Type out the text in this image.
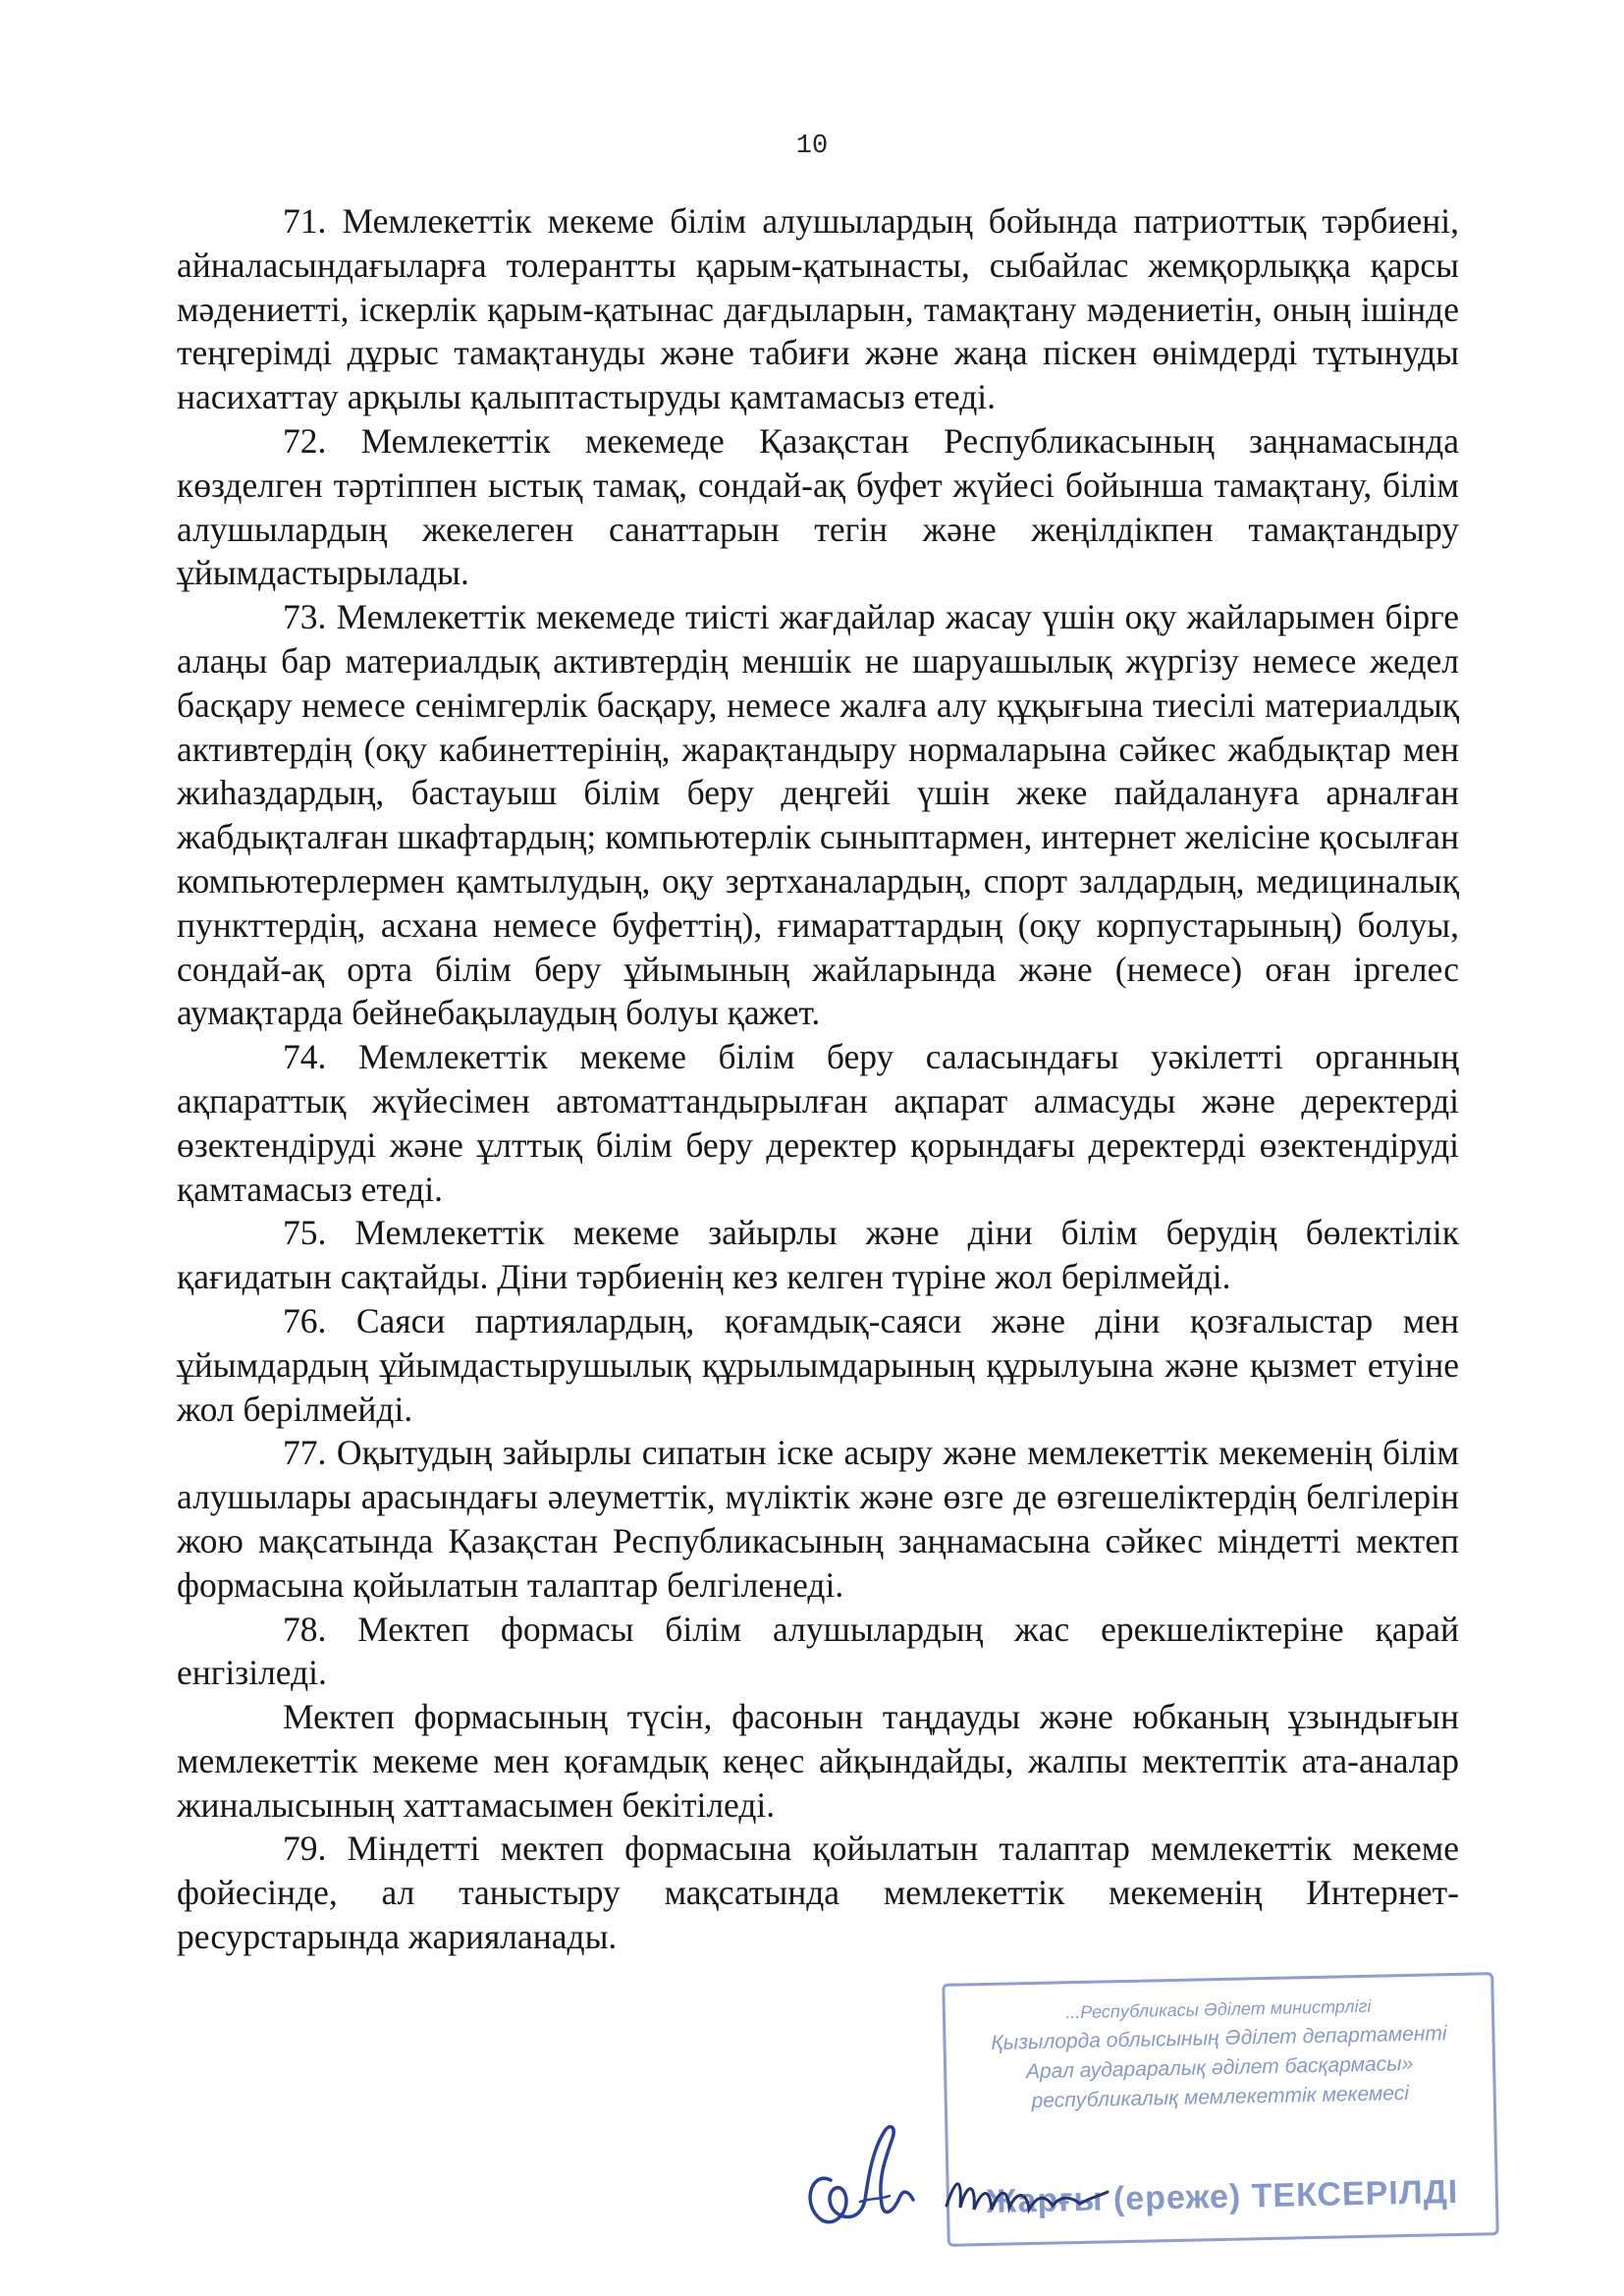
10

71. Мемлекеттік мекеме білім алушылардың бойында патриоттық тәрбиені, айналасындағыларға толерантты қарым-қатынасты, сыбайлас жемқорлыққа қарсы мәдениетті, іскерлік қарым-қатынас дағдыларын, тамақтану мәдениетін, оның ішінде теңгерімді дұрыс тамақтануды және табиғи және жаңа піскен өнімдерді тұтынуды насихаттау арқылы қалыптастыруды қамтамасыз етеді.

72. Мемлекеттік мекемеде Қазақстан Республикасының заңнамасында көзделген тәртіппен ыстық тамақ, сондай-ақ буфет жүйесі бойынша тамақтану, білім алушылардың жекелеген санаттарын тегін және жеңілдікпен тамақтандыру ұйымдастырылады.

73. Мемлекеттік мекемеде тиісті жағдайлар жасау үшін оқу жайларымен бірге алаңы бар материалдық активтердің меншік не шаруашылық жүргізу немесе жедел басқару немесе сенімгерлік басқару, немесе жалға алу құқығына тиесілі материалдық активтердің (оқу кабинеттерінің, жарақтандыру нормаларына сәйкес жабдықтар мен жиһаздардың, бастауыш білім беру деңгейі үшін жеке пайдалануға арналған жабдықталған шкафтардың; компьютерлік сыныптармен, интернет желісіне қосылған компьютерлермен қамтылудың, оқу зертханалардың, спорт залдардың, медициналық пункттердің, асхана немесе буфеттің), ғимараттардың (оқу корпустарының) болуы, сондай-ақ орта білім беру ұйымының жайларында және (немесе) оған іргелес аумақтарда бейнебақылаудың болуы қажет.

74. Мемлекеттік мекеме білім беру саласындағы уәкілетті органның ақпараттық жүйесімен автоматтандырылған ақпарат алмасуды және деректерді өзектендіруді және ұлттық білім беру деректер қорындағы деректерді өзектендіруді қамтамасыз етеді.

75. Мемлекеттік мекеме зайырлы және діни білім берудің бөлектілік қағидатын сақтайды. Діни тәрбиенің кез келген түріне жол берілмейді.

76. Саяси партиялардың, қоғамдық-саяси және діни қозғалыстар мен ұйымдардың ұйымдастырушылық құрылымдарының құрылуына және қызмет етуіне жол берілмейді.

77. Оқытудың зайырлы сипатын іске асыру және мемлекеттік мекеменің білім алушылары арасындағы әлеуметтік, мүліктік және өзге де өзгешеліктердің белгілерін жою мақсатында Қазақстан Республикасының заңнамасына сәйкес міндетті мектеп формасына қойылатын талаптар белгіленеді.

78. Мектеп формасы білім алушылардың жас ерекшеліктеріне қарай енгізіледі.

Мектеп формасының түсін, фасонын таңдауды және юбканың ұзындығын мемлекеттік мекеме мен қоғамдық кеңес айқындайды, жалпы мектептік ата-аналар жиналысының хаттамасымен бекітіледі.

79. Міндетті мектеп формасына қойылатын талаптар мемлекеттік мекеме фойесінде, ал таныстыру мақсатында мемлекеттік мекеменің Интернет-ресурстарында жарияланады.

...Республикасы Әділет министрлігі
Қызылорда облысының Әділет департаменті
Арал аудараралық әділет басқармасы»
республикалық мемлекеттік мекемесі
Жарғы (ереже) ТЕКСЕРІЛДІ
